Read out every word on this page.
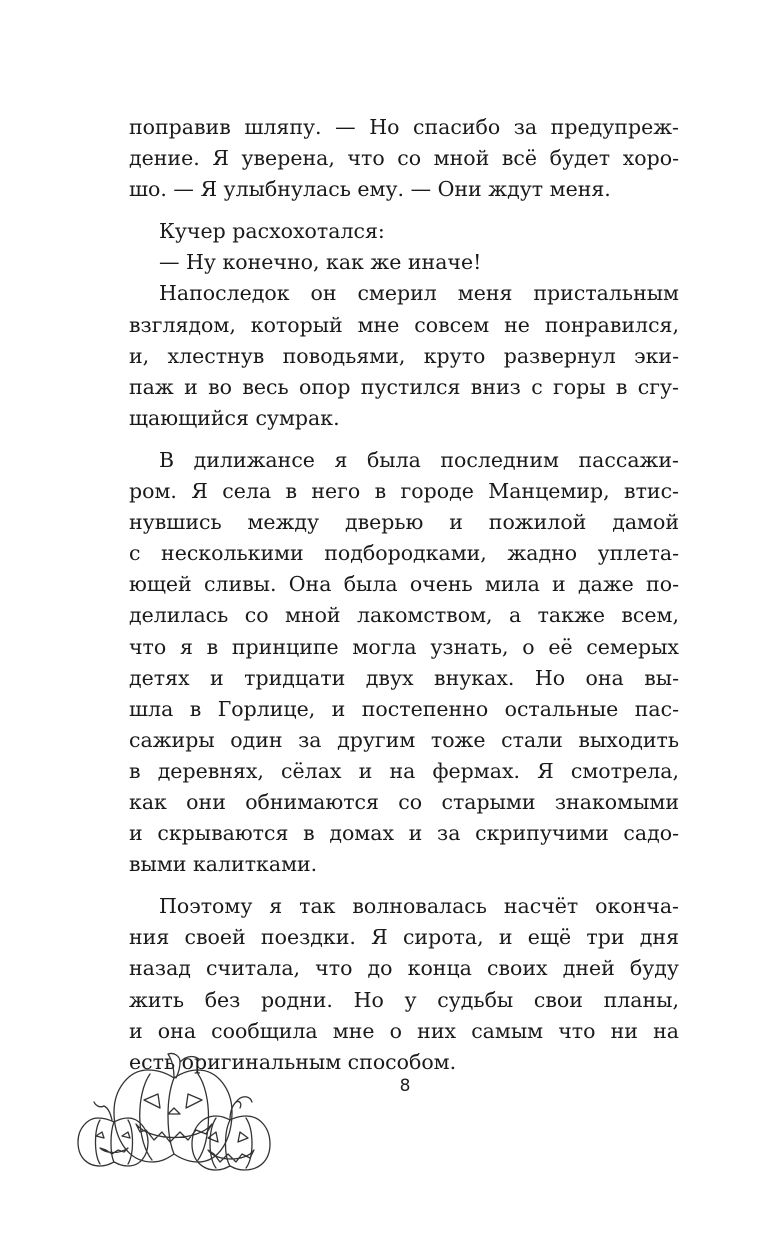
поправив шляпу. — Но спасибо за предупреж-
дение. Я уверена, что со мной всё будет хоро-
шо. — Я улыбнулась ему. — Они ждут меня.
Кучер расхохотался:
— Ну конечно, как же иначе!
Напоследок он смерил меня пристальным
взглядом, который мне совсем не понравился,
и, хлестнув поводьями, круто развернул эки-
паж и во весь опор пустился вниз с горы в сгу-
щающийся сумрак.
В дилижансе я была последним пассажи-
ром. Я села в него в городе Манцемир, втис-
нувшись между дверью и пожилой дамой
с несколькими подбородками, жадно уплета-
ющей сливы. Она была очень мила и даже по-
делилась со мной лакомством, а также всем,
что я в принципе могла узнать, о её семерых
детях и тридцати двух внуках. Но она вы-
шла в Горлице, и постепенно остальные пас-
сажиры один за другим тоже стали выходить
в деревнях, сёлах и на фермах. Я смотрела,
как они обнимаются со старыми знакомыми
и скрываются в домах и за скрипучими садо-
выми калитками.
Поэтому я так волновалась насчёт оконча-
ния своей поездки. Я сирота, и ещё три дня
назад считала, что до конца своих дней буду
жить без родни. Но у судьбы свои планы,
и она сообщила мне о них самым что ни на
есть оригинальным способом.
8
